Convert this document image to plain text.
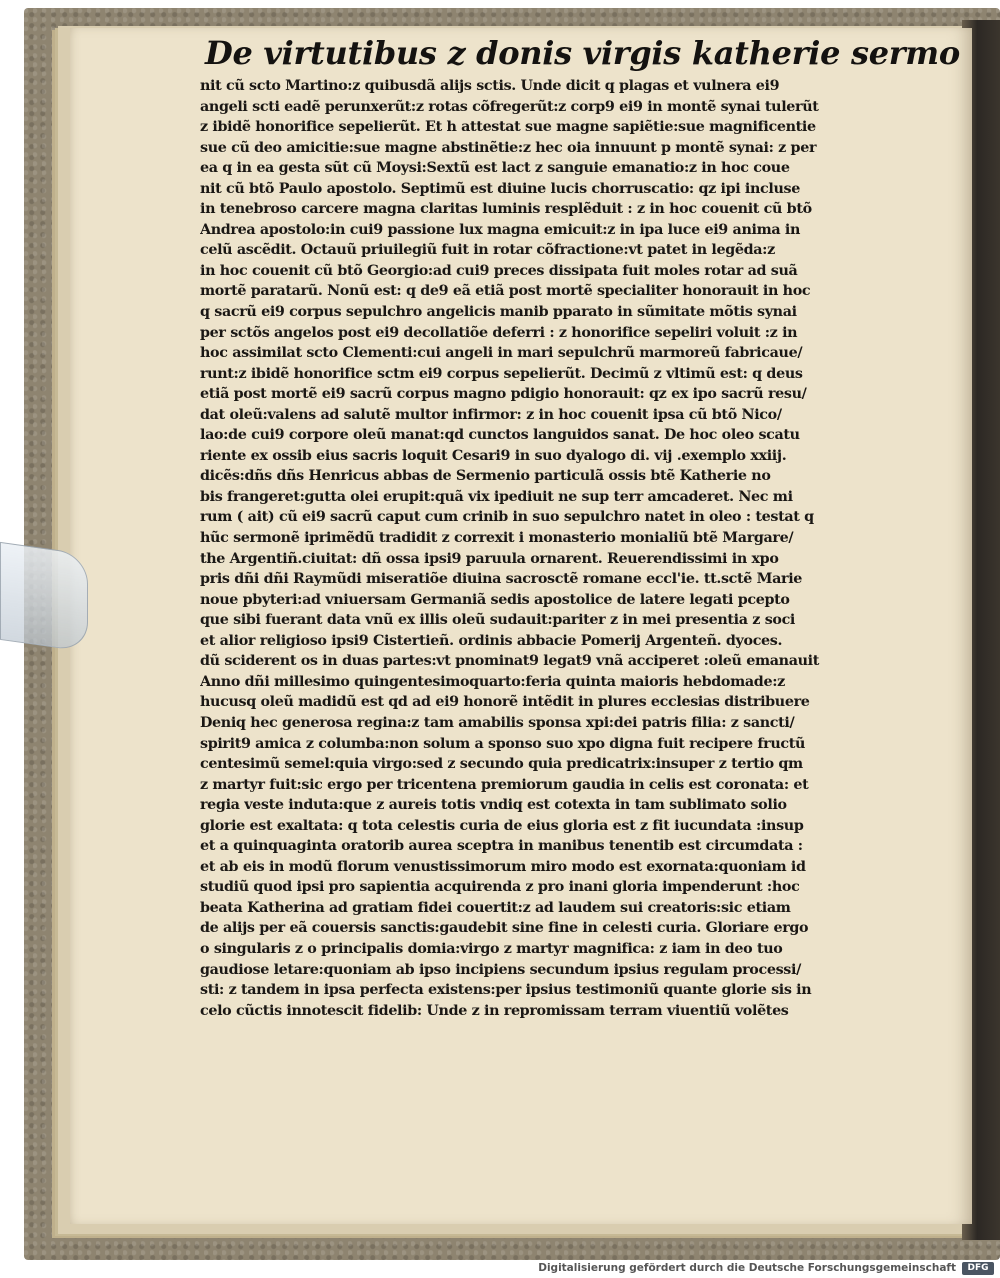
De virtutibus z donis virgis katherie sermo
nit cũ scto Martino:z quibusdã alijs sctis. Unde dicit q plagas et vulnera ei9
angeli scti eadẽ perunxerũt:z rotas cõfregerũt:z corp9 ei9 in montẽ synai tulerũt
z ibidẽ honorifice sepelierũt. Et h attestat sue magne sapiẽtie:sue magnificentie
sue cũ deo amicitie:sue magne abstinẽtie:z hec oia innuunt p montẽ synai: z per
ea q in ea gesta sũt cũ Moysi:Sextũ est lact z sanguie emanatio:z in hoc coue
nit cũ btõ Paulo apostolo. Septimũ est diuine lucis chorruscatio: qz ipi incluse
in tenebroso carcere magna claritas luminis resplẽduit : z in hoc couenit cũ btõ
Andrea apostolo:in cui9 passione lux magna emicuit:z in ipa luce ei9 anima in
celũ ascẽdit. Octauũ priuilegiũ fuit in rotar cõfractione:vt patet in legẽda:z
in hoc couenit cũ btõ Georgio:ad cui9 preces dissipata fuit moles rotar ad suã
mortẽ paratarũ. Nonũ est: q de9 eã etiã post mortẽ specialiter honorauit in hoc
q sacrũ ei9 corpus sepulchro angelicis manib pparato in sũmitate mõtis synai
per sctõs angelos post ei9 decollatiõe deferri : z honorifice sepeliri voluit :z in
hoc assimilat scto Clementi:cui angeli in mari sepulchrũ marmoreũ fabricaue/
runt:z ibidẽ honorifice sctm ei9 corpus sepelierũt. Decimũ z vltimũ est: q deus
etiã post mortẽ ei9 sacrũ corpus magno pdigio honorauit: qz ex ipo sacrũ resu/
dat oleũ:valens ad salutẽ multor infirmor: z in hoc couenit ipsa cũ btõ Nico/
lao:de cui9 corpore oleũ manat:qd cunctos languidos sanat. De hoc oleo scatu
riente ex ossib eius sacris loquit Cesari9 in suo dyalogo di. vij .exemplo xxiij.
dicẽs:dñs dñs Henricus abbas de Sermenio particulã ossis btẽ Katherie no
bis frangeret:gutta olei erupit:quã vix ipediuit ne sup terr amcaderet. Nec mi
rum ( ait) cũ ei9 sacrũ caput cum crinib in suo sepulchro natet in oleo : testat q
hũc sermonẽ iprimẽdũ tradidit z correxit i monasterio monialiũ btẽ Margare/
the Argentiñ.ciuitat: dñ ossa ipsi9 paruula ornarent. Reuerendissimi in xpo
pris dñi dñi Raymũdi miseratiõe diuina sacrosctẽ romane eccl'ie. tt.sctẽ Marie
noue pbyteri:ad vniuersam Germaniã sedis apostolice de latere legati pcepto
que sibi fuerant data vnũ ex illis oleũ sudauit:pariter z in mei presentia z soci
et alior religioso ipsi9 Cistertieñ. ordinis abbacie Pomerij Argenteñ. dyoces.
dũ sciderent os in duas partes:vt pnominat9 legat9 vnã acciperet :oleũ emanauit
Anno dñi millesimo quingentesimoquarto:feria quinta maioris hebdomade:z
hucusq oleũ madidũ est qd ad ei9 honorẽ intẽdit in plures ecclesias distribuere
Deniq hec generosa regina:z tam amabilis sponsa xpi:dei patris filia: z sancti/
spirit9 amica z columba:non solum a sponso suo xpo digna fuit recipere fructũ
centesimũ semel:quia virgo:sed z secundo quia predicatrix:insuper z tertio qm
z martyr fuit:sic ergo per tricentena premiorum gaudia in celis est coronata: et
regia veste induta:que z aureis totis vndiq est cotexta in tam sublimato solio
glorie est exaltata: q tota celestis curia de eius gloria est z fit iucundata :insup
et a quinquaginta oratorib aurea sceptra in manibus tenentib est circumdata :
et ab eis in modũ florum venustissimorum miro modo est exornata:quoniam id
studiũ quod ipsi pro sapientia acquirenda z pro inani gloria impenderunt :hoc
beata Katherina ad gratiam fidei couertit:z ad laudem sui creatoris:sic etiam
de alijs per eã couersis sanctis:gaudebit sine fine in celesti curia. Gloriare ergo
o singularis z o principalis domia:virgo z martyr magnifica: z iam in deo tuo
gaudiose letare:quoniam ab ipso incipiens secundum ipsius regulam processi/
sti: z tandem in ipsa perfecta existens:per ipsius testimoniũ quante glorie sis in
celo cũctis innotescit fidelib: Unde z in repromissam terram viuentiũ volẽtes
Digitalisierung gefördert durch die Deutsche Forschungsgemeinschaft	DFG
